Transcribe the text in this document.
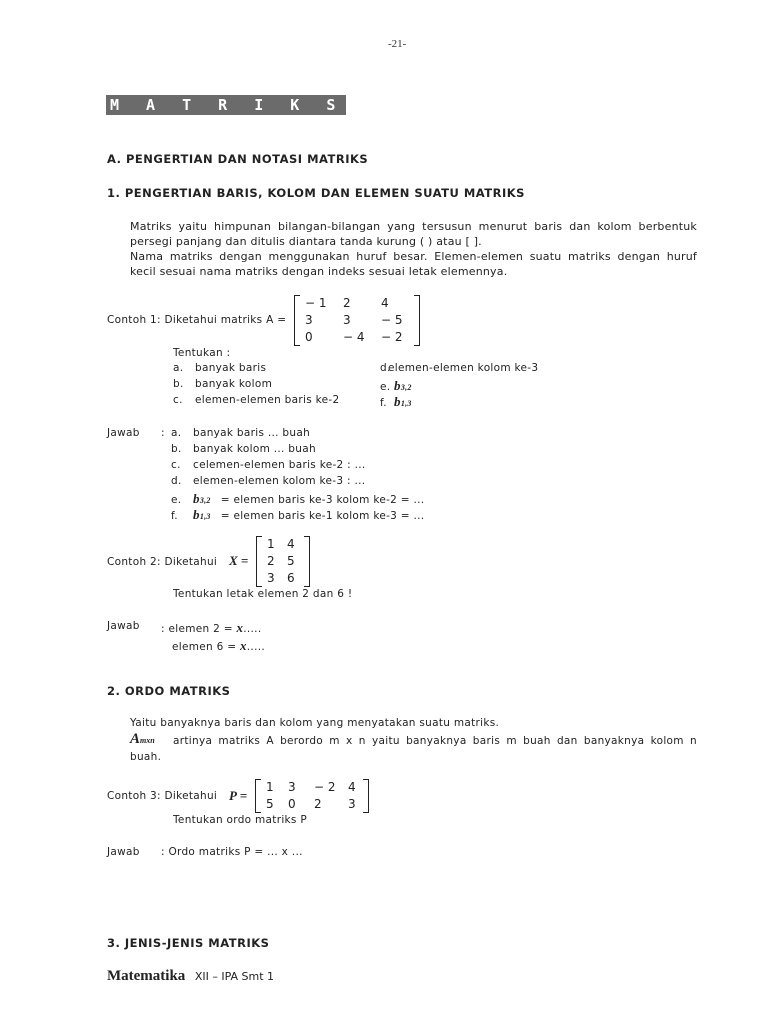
-21-
M A T R I K S
A. PENGERTIAN DAN NOTASI MATRIKS
1. PENGERTIAN BARIS, KOLOM DAN ELEMEN SUATU MATRIKS
Matriks yaitu himpunan bilangan-bilangan yang tersusun menurut baris dan kolom berbentuk persegi panjang dan ditulis diantara tanda kurung ( ) atau [ ].
Nama matriks dengan menggunakan huruf besar. Elemen-elemen suatu matriks dengan huruf kecil sesuai nama matriks dengan indeks sesuai letak elemennya.
Contoh 1: Diketahui matriks A =
− 1	2	4
3	3	− 5
0	− 4	− 2
Tentukan :
a. banyak baris
b. banyak kolom
c. elemen-elemen baris ke-2
d.elemen-elemen kolom ke-3
e. b3,2
f. b1,3
Jawab : a. banyak baris ... buah
b. banyak kolom ... buah
c. celemen-elemen baris ke-2 : ...
d. elemen-elemen kolom ke-3 : ...
e. b3,2 = elemen baris ke-3 kolom ke-2 = ...
f. b1,3 = elemen baris ke-1 kolom ke-3 = ...
Contoh 2: Diketahui X =
1	4
2	5
3	6
Tentukan letak elemen 2 dan 6 !
Jawab : elemen 2 = x.....
elemen 6 = x.....
2. ORDO MATRIKS
Yaitu banyaknya baris dan kolom yang menyatakan suatu matriks.
Amxn artinya matriks A berordo m x n yaitu banyaknya baris m buah dan banyaknya kolom n
buah.
Contoh 3: Diketahui P =
1	3	− 2	4
5	0	2	3
Tentukan ordo matriks P
Jawab : Ordo matriks P = ... x ...
3. JENIS-JENIS MATRIKS
Matematika XII – IPA Smt 1
